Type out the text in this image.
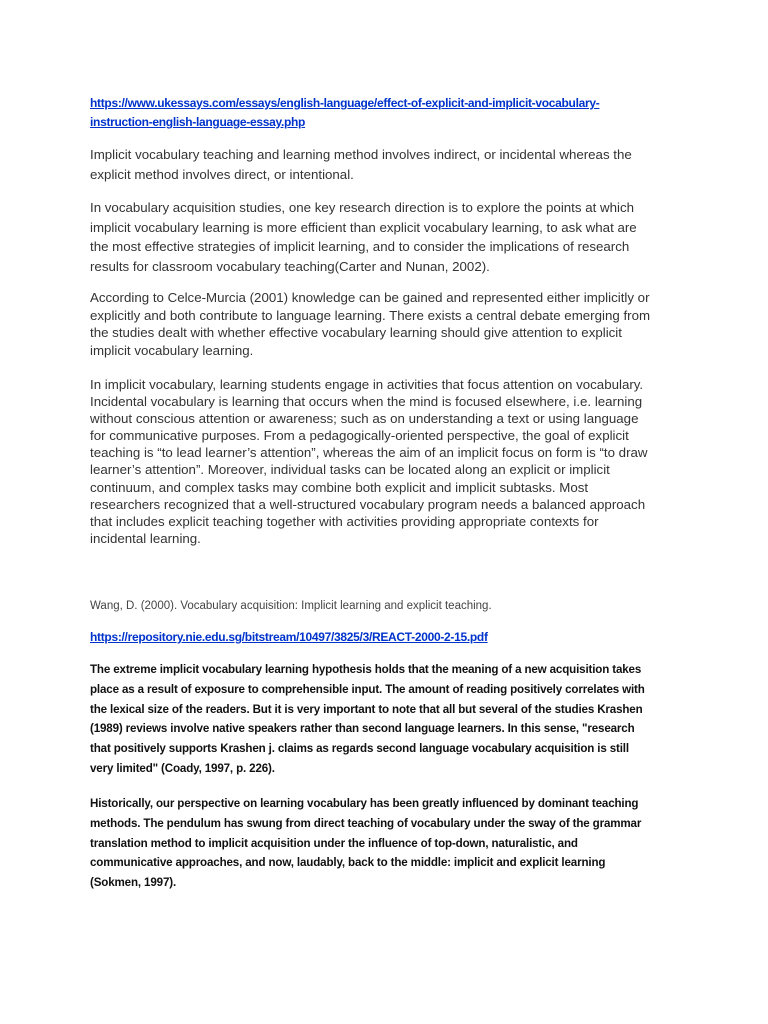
https://www.ukessays.com/essays/english-language/effect-of-explicit-and-implicit-vocabulary-instruction-english-language-essay.php

Implicit vocabulary teaching and learning method involves indirect, or incidental whereas the explicit method involves direct, or intentional.

In vocabulary acquisition studies, one key research direction is to explore the points at which implicit vocabulary learning is more efficient than explicit vocabulary learning, to ask what are the most effective strategies of implicit learning, and to consider the implications of research results for classroom vocabulary teaching(Carter and Nunan, 2002).

According to Celce-Murcia (2001) knowledge can be gained and represented either implicitly or explicitly and both contribute to language learning. There exists a central debate emerging from the studies dealt with whether effective vocabulary learning should give attention to explicit implicit vocabulary learning.

In implicit vocabulary, learning students engage in activities that focus attention on vocabulary. Incidental vocabulary is learning that occurs when the mind is focused elsewhere, i.e. learning without conscious attention or awareness; such as on understanding a text or using language for communicative purposes. From a pedagogically-oriented perspective, the goal of explicit teaching is “to lead learner’s attention”, whereas the aim of an implicit focus on form is “to draw learner’s attention”. Moreover, individual tasks can be located along an explicit or implicit continuum, and complex tasks may combine both explicit and implicit subtasks. Most researchers recognized that a well-structured vocabulary program needs a balanced approach that includes explicit teaching together with activities providing appropriate contexts for incidental learning.

Wang, D. (2000). Vocabulary acquisition: Implicit learning and explicit teaching.

https://repository.nie.edu.sg/bitstream/10497/3825/3/REACT-2000-2-15.pdf

The extreme implicit vocabulary learning hypothesis holds that the meaning of a new acquisition takes place as a result of exposure to comprehensible input. The amount of reading positively correlates with the lexical size of the readers. But it is very important to note that all but several of the studies Krashen (1989) reviews involve native speakers rather than second language learners. In this sense, "research that positively supports Krashen j. claims as regards second language vocabulary acquisition is still very limited" (Coady, 1997, p. 226).

Historically, our perspective on learning vocabulary has been greatly influenced by dominant teaching methods. The pendulum has swung from direct teaching of vocabulary under the sway of the grammar translation method to implicit acquisition under the influence of top-down, naturalistic, and communicative approaches, and now, laudably, back to the middle: implicit and explicit learning (Sokmen, 1997).
